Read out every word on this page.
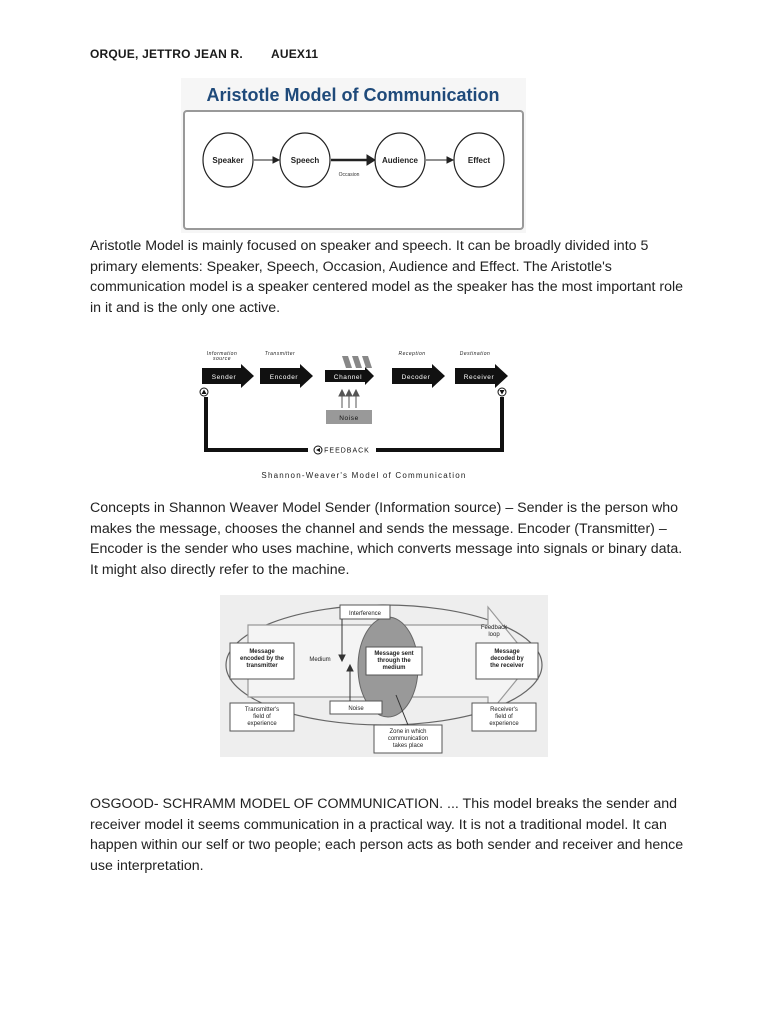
ORQUE, JETTRO JEAN R. AUEX11
Aristotle Model of Communication
Speaker	Speech	Audience	Effect
Occasion
Aristotle Model is mainly focused on speaker and speech. It can be broadly divided into 5 primary elements: Speaker, Speech, Occasion, Audience and Effect. The Aristotle's communication model is a speaker centered model as the speaker has the most important role in it and is the only one active.
Information source
Transmitter	Reception	Destination
Sender	Encoder	Channel	Decoder	Receiver
Noise
FEEDBACK
Shannon-Weaver's Model of Communication
Concepts in Shannon Weaver Model Sender (Information source) – Sender is the person who makes the message, chooses the channel and sends the message. Encoder (Transmitter) –Encoder is the sender who uses machine, which converts message into signals or binary data. It might also directly refer to the machine.
Interference
Feedback loop
Message encoded by the transmitter
Medium
Message sent through the medium
Message decoded by the receiver
Transmitter's field of experience
Noise	Receiver's field of experience
Zone in which communication takes place
OSGOOD- SCHRAMM MODEL OF COMMUNICATION. ... This model breaks the sender and receiver model it seems communication in a practical way. It is not a traditional model. It can happen within our self or two people; each person acts as both sender and receiver and hence use interpretation.
